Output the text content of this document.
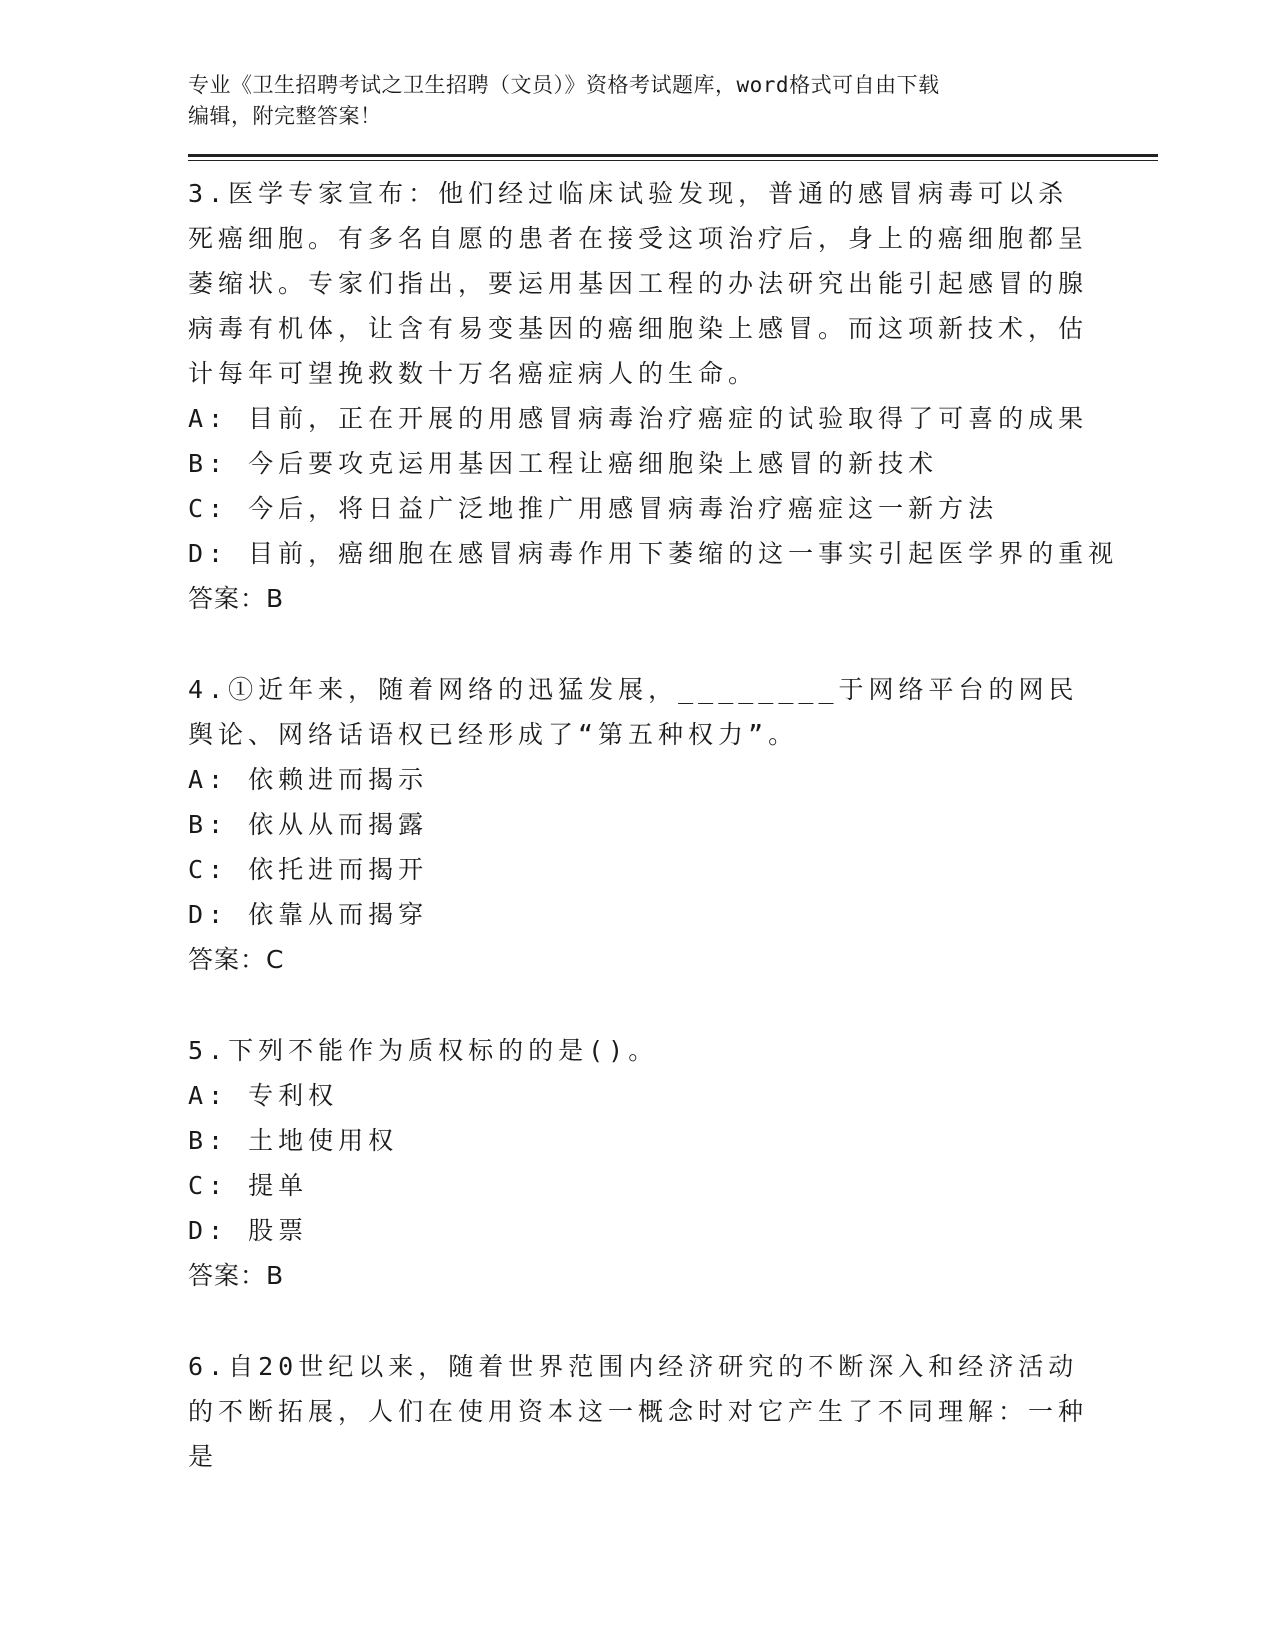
专业《卫生招聘考试之卫生招聘（文员）》资格考试题库，word格式可自由下载
编辑，附完整答案！
3.医学专家宣布：他们经过临床试验发现，普通的感冒病毒可以杀死癌细胞。有多名自愿的患者在接受这项治疗后，身上的癌细胞都呈萎缩状。专家们指出，要运用基因工程的办法研究出能引起感冒的腺病毒有机体，让含有易变基因的癌细胞染上感冒。而这项新技术，估计每年可望挽救数十万名癌症病人的生命。
A: 目前，正在开展的用感冒病毒治疗癌症的试验取得了可喜的成果
B: 今后要攻克运用基因工程让癌细胞染上感冒的新技术
C: 今后，将日益广泛地推广用感冒病毒治疗癌症这一新方法
D: 目前，癌细胞在感冒病毒作用下萎缩的这一事实引起医学界的重视
答案：B
4.①近年来，随着网络的迅猛发展，________于网络平台的网民舆论、网络话语权已经形成了“第五种权力”。
A: 依赖进而揭示
B: 依从从而揭露
C: 依托进而揭开
D: 依靠从而揭穿
答案：C
5.下列不能作为质权标的的是()。
A: 专利权
B: 土地使用权
C: 提单
D: 股票
答案：B
6.自20世纪以来，随着世界范围内经济研究的不断深入和经济活动的不断拓展，人们在使用资本这一概念时对它产生了不同理解：一种是
